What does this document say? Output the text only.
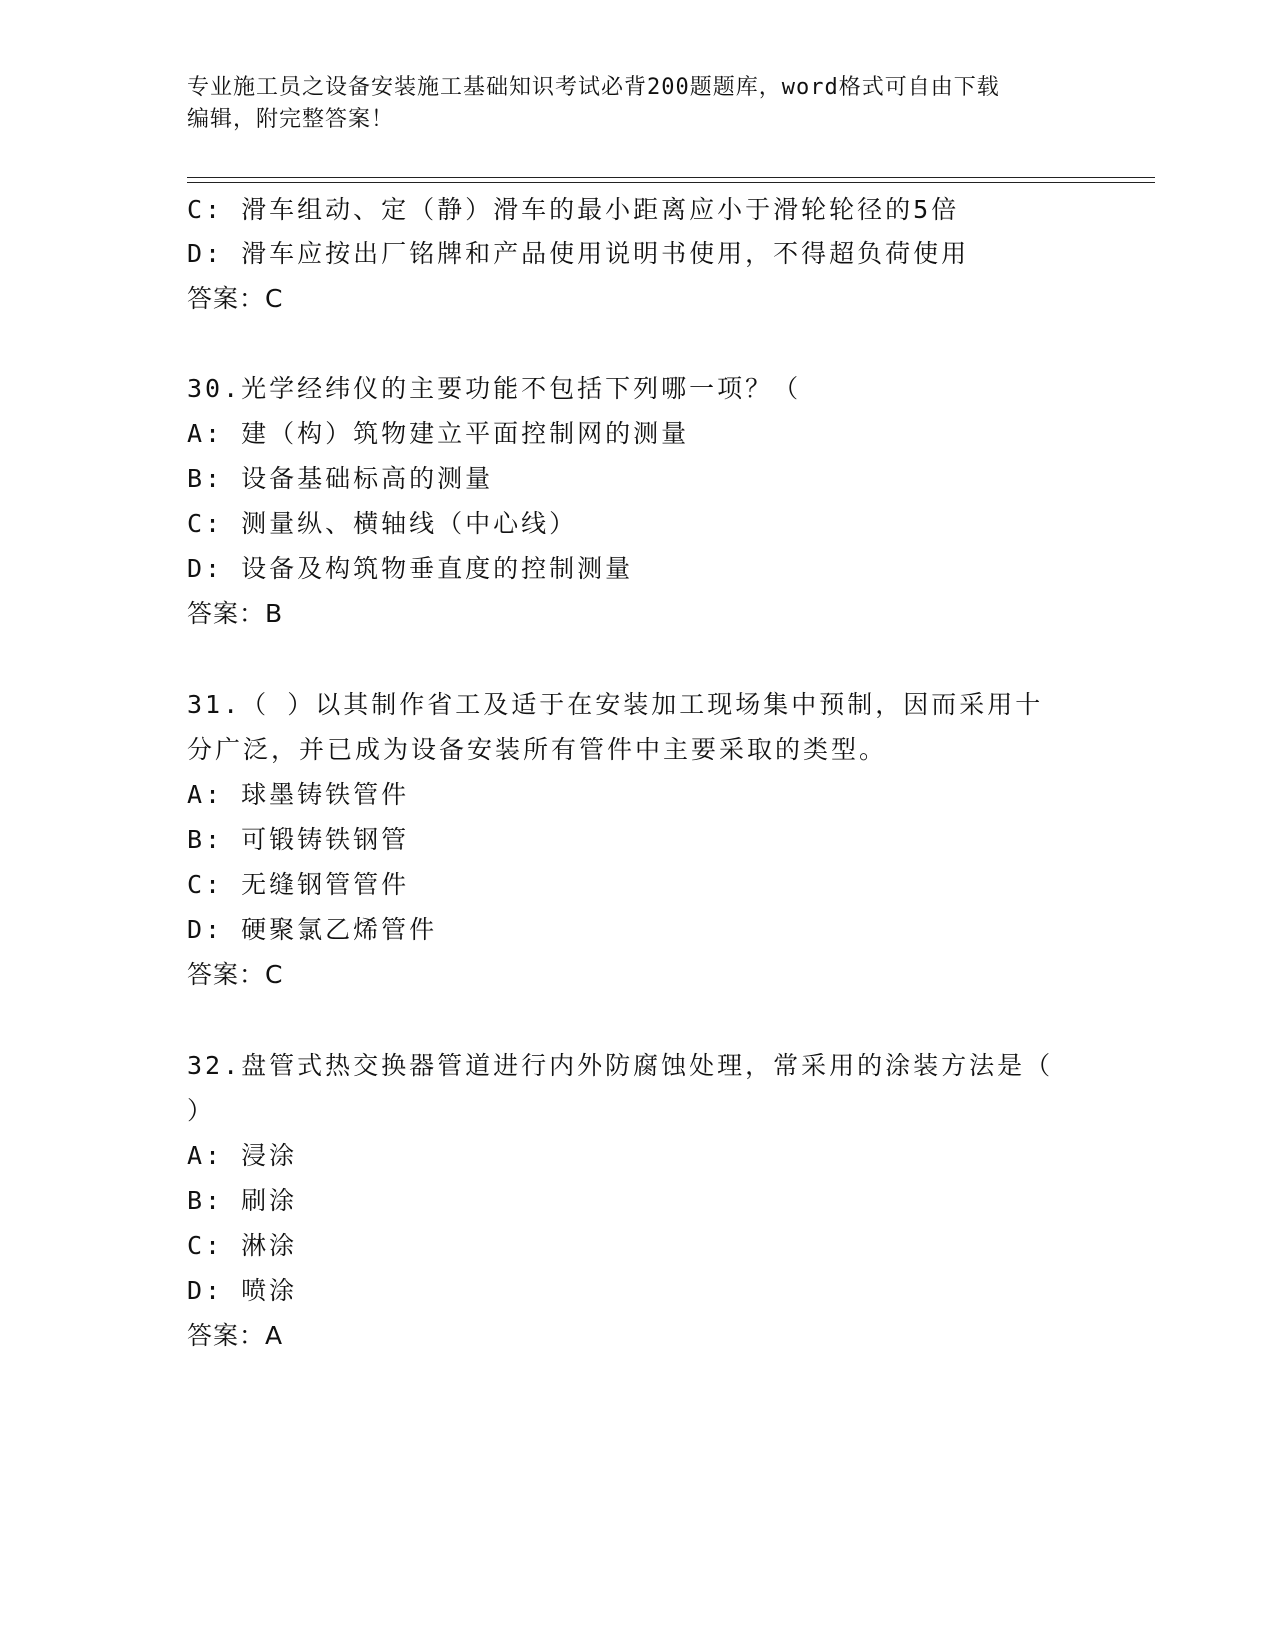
专业施工员之设备安装施工基础知识考试必背200题题库，word格式可自由下载
编辑，附完整答案！
C: 滑车组动、定（静）滑车的最小距离应小于滑轮轮径的5倍
D: 滑车应按出厂铭牌和产品使用说明书使用，不得超负荷使用
答案：C
30.光学经纬仪的主要功能不包括下列哪一项？（
A: 建（构）筑物建立平面控制网的测量
B: 设备基础标高的测量
C: 测量纵、横轴线（中心线）
D: 设备及构筑物垂直度的控制测量
答案：B
31.（ ）以其制作省工及适于在安装加工现场集中预制，因而采用十
分广泛，并已成为设备安装所有管件中主要采取的类型。
A: 球墨铸铁管件
B: 可锻铸铁钢管
C: 无缝钢管管件
D: 硬聚氯乙烯管件
答案：C
32.盘管式热交换器管道进行内外防腐蚀处理，常采用的涂装方法是（
）
A: 浸涂
B: 刷涂
C: 淋涂
D: 喷涂
答案：A
